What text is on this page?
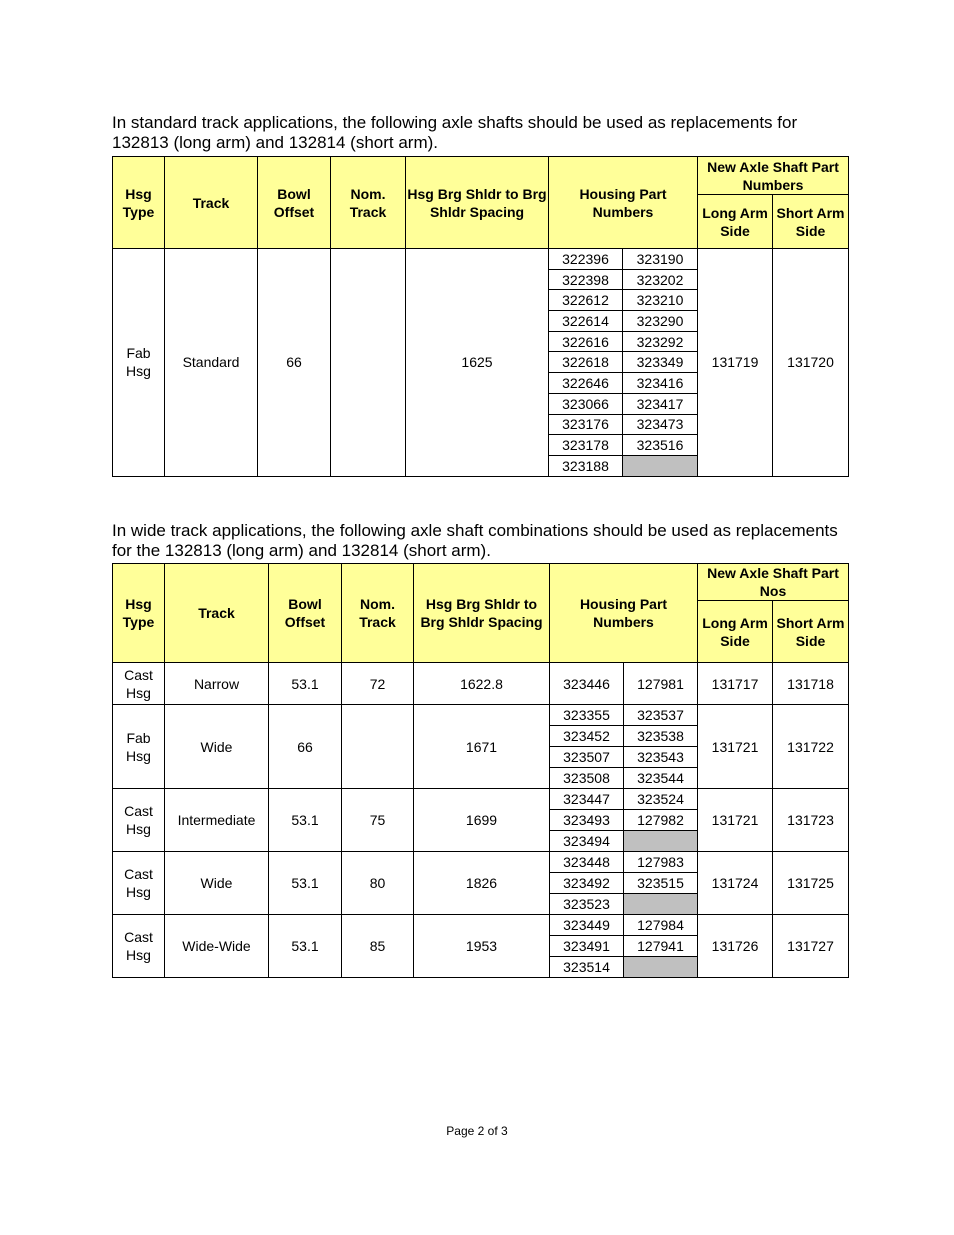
In standard track applications, the following axle shafts should be used as replacements for 132813 (long arm) and 132814 (short arm).

Hsg Type	Track	Bowl Offset	Nom. Track	Hsg Brg Shldr to Brg Shldr Spacing	Housing Part Numbers		New Axle Shaft Part Numbers	
							Long Arm Side	Short Arm Side
Fab Hsg	Standard	66		1625	322396	323190	131719	131720
					322398	323202		
					322612	323210		
					322614	323290		
					322616	323292		
					322618	323349		
					322646	323416		
					323066	323417		
					323176	323473		
					323178	323516		
					323188			

In wide track applications, the following axle shaft combinations should be used as replacements for the 132813 (long arm) and 132814 (short arm).

Hsg Type	Track	Bowl Offset	Nom. Track	Hsg Brg Shldr to Brg Shldr Spacing	Housing Part Numbers		New Axle Shaft Part Nos	
							Long Arm Side	Short Arm Side
Cast Hsg	Narrow	53.1	72	1622.8	323446	127981	131717	131718
Fab Hsg	Wide	66		1671	323355	323537	131721	131722
					323452	323538		
					323507	323543		
					323508	323544		
Cast Hsg	Intermediate	53.1	75	1699	323447	323524	131721	131723
					323493	127982		
					323494			
Cast Hsg	Wide	53.1	80	1826	323448	127983	131724	131725
					323492	323515		
					323523			
Cast Hsg	Wide-Wide	53.1	85	1953	323449	127984	131726	131727
					323491	127941		
					323514			
Page 2 of 3
